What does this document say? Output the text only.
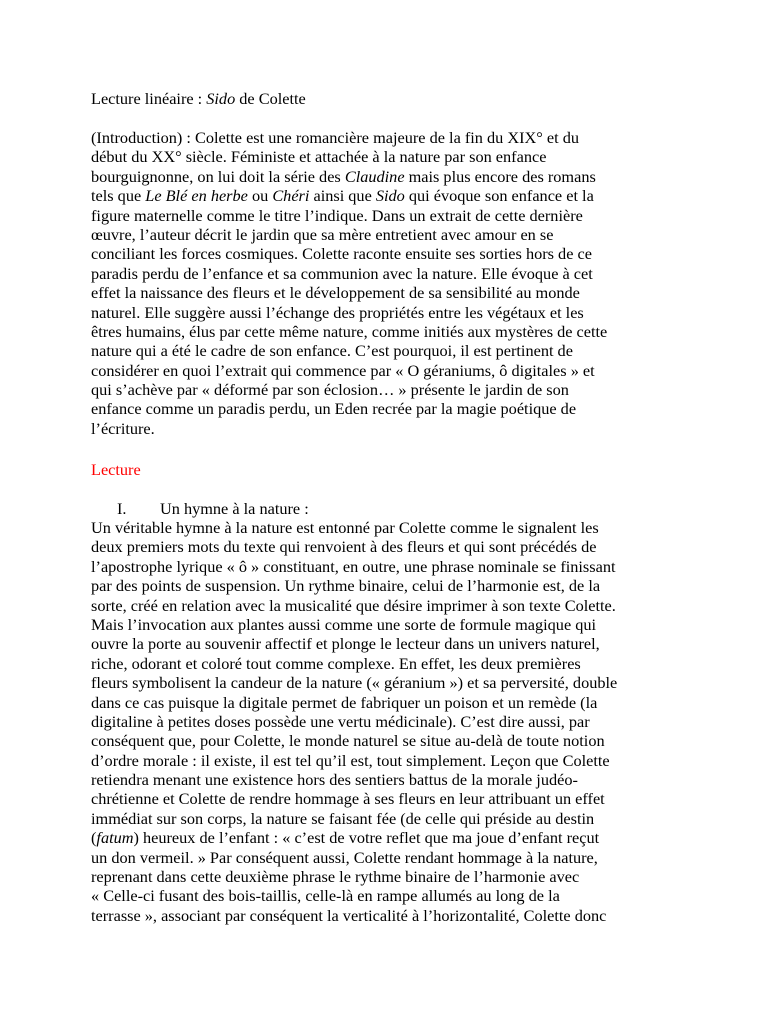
Lecture linéaire : Sido de Colette
(Introduction) : Colette est une romancière majeure de la fin du XIX° et du
début du XX° siècle. Féministe et attachée à la nature par son enfance
bourguignonne, on lui doit la série des Claudine mais plus encore des romans
tels que Le Blé en herbe ou Chéri ainsi que Sido qui évoque son enfance et la
figure maternelle comme le titre l’indique. Dans un extrait de cette dernière
œuvre, l’auteur décrit le jardin que sa mère entretient avec amour en se
conciliant les forces cosmiques. Colette raconte ensuite ses sorties hors de ce
paradis perdu de l’enfance et sa communion avec la nature. Elle évoque à cet
effet la naissance des fleurs et le développement de sa sensibilité au monde
naturel. Elle suggère aussi l’échange des propriétés entre les végétaux et les
êtres humains, élus par cette même nature, comme initiés aux mystères de cette
nature qui a été le cadre de son enfance. C’est pourquoi, il est pertinent de
considérer en quoi l’extrait qui commence par « O géraniums, ô digitales » et
qui s’achève par « déformé par son éclosion… » présente le jardin de son
enfance comme un paradis perdu, un Eden recrée par la magie poétique de
l’écriture.
Lecture
I. Un hymne à la nature :
Un véritable hymne à la nature est entonné par Colette comme le signalent les
deux premiers mots du texte qui renvoient à des fleurs et qui sont précédés de
l’apostrophe lyrique « ô » constituant, en outre, une phrase nominale se finissant
par des points de suspension. Un rythme binaire, celui de l’harmonie est, de la
sorte, créé en relation avec la musicalité que désire imprimer à son texte Colette.
Mais l’invocation aux plantes aussi comme une sorte de formule magique qui
ouvre la porte au souvenir affectif et plonge le lecteur dans un univers naturel,
riche, odorant et coloré tout comme complexe. En effet, les deux premières
fleurs symbolisent la candeur de la nature (« géranium ») et sa perversité, double
dans ce cas puisque la digitale permet de fabriquer un poison et un remède (la
digitaline à petites doses possède une vertu médicinale). C’est dire aussi, par
conséquent que, pour Colette, le monde naturel se situe au-delà de toute notion
d’ordre morale : il existe, il est tel qu’il est, tout simplement. Leçon que Colette
retiendra menant une existence hors des sentiers battus de la morale judéo-
chrétienne et Colette de rendre hommage à ses fleurs en leur attribuant un effet
immédiat sur son corps, la nature se faisant fée (de celle qui préside au destin
(fatum) heureux de l’enfant : « c’est de votre reflet que ma joue d’enfant reçut
un don vermeil. » Par conséquent aussi, Colette rendant hommage à la nature,
reprenant dans cette deuxième phrase le rythme binaire de l’harmonie avec
« Celle-ci fusant des bois-taillis, celle-là en rampe allumés au long de la
terrasse », associant par conséquent la verticalité à l’horizontalité, Colette donc
